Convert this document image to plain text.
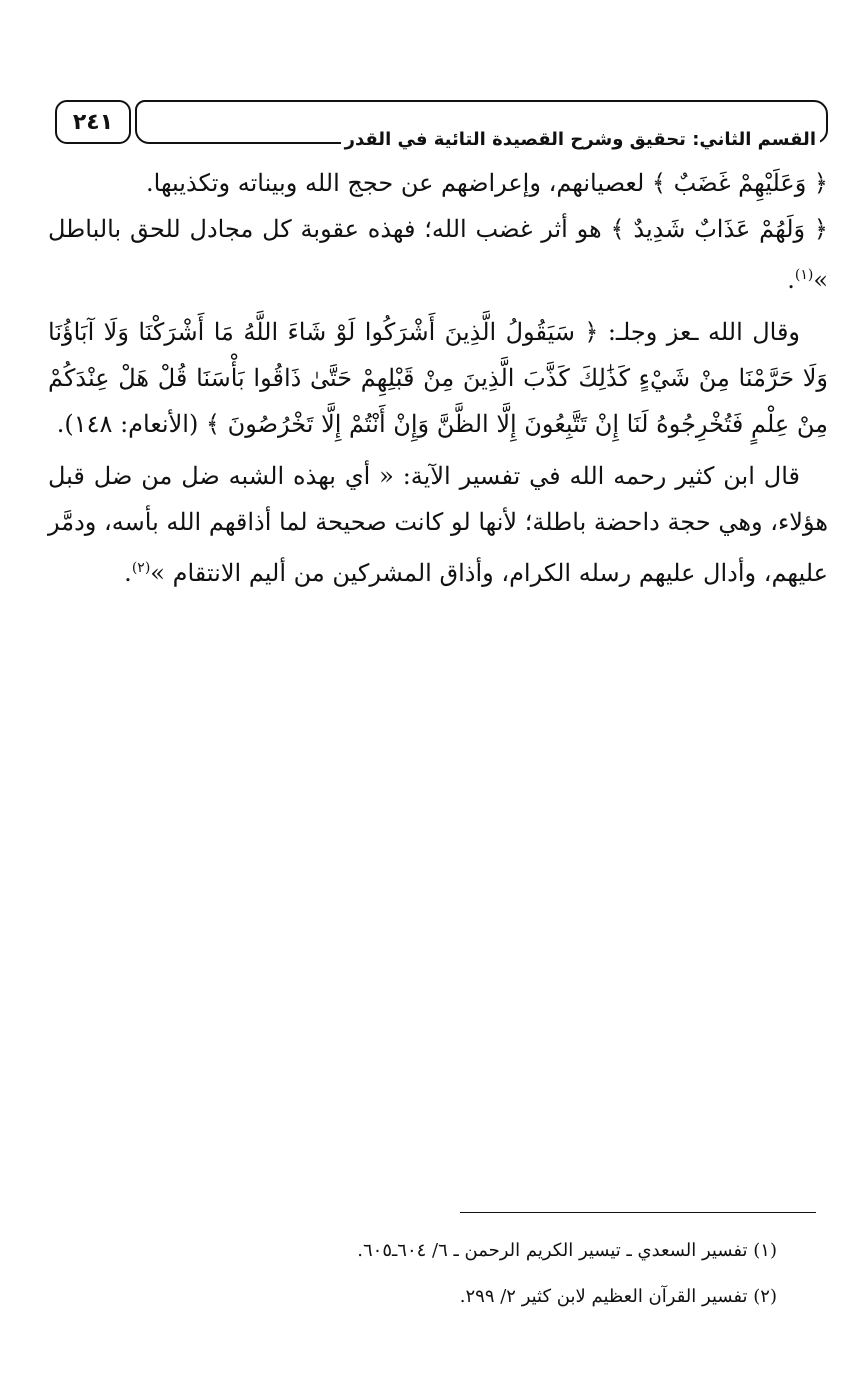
٢٤١
القسم الثاني: تحقيق وشرح القصيدة التائية في القدر

﴿ وَعَلَيْهِمْ غَضَبٌ ﴾ لعصيانهم، وإعراضهم عن حجج الله وبيناته وتكذيبها.

﴿ وَلَهُمْ عَذَابٌ شَدِيدٌ ﴾ هو أثر غضب الله؛ فهذه عقوبة كل مجادل للحق بالباطل »$^{(١)}$.

وقال الله ـعز وجلـ: ﴿ سَيَقُولُ الَّذِينَ أَشْرَكُوا لَوْ شَاءَ اللَّهُ مَا أَشْرَكْنَا وَلَا آبَاؤُنَا وَلَا حَرَّمْنَا مِنْ شَيْءٍ كَذَٰلِكَ كَذَّبَ الَّذِينَ مِنْ قَبْلِهِمْ حَتَّىٰ ذَاقُوا بَأْسَنَا قُلْ هَلْ عِنْدَكُمْ مِنْ عِلْمٍ فَتُخْرِجُوهُ لَنَا إِنْ تَتَّبِعُونَ إِلَّا الظَّنَّ وَإِنْ أَنْتُمْ إِلَّا تَخْرُصُونَ ﴾ (الأنعام: ١٤٨).

قال ابن كثير رحمه الله في تفسير الآية: « أي بهذه الشبه ضل من ضل قبل هؤلاء، وهي حجة داحضة باطلة؛ لأنها لو كانت صحيحة لما أذاقهم الله بأسه، ودمَّر عليهم، وأدال عليهم رسله الكرام، وأذاق المشركين من أليم الانتقام »$^{(٢)}$.

(١) تفسير السعدي ـ تيسير الكريم الرحمن ـ ٦/ ٦٠٤ـ٦٠٥.

(٢) تفسير القرآن العظيم لابن كثير ٢/ ٢٩٩.
